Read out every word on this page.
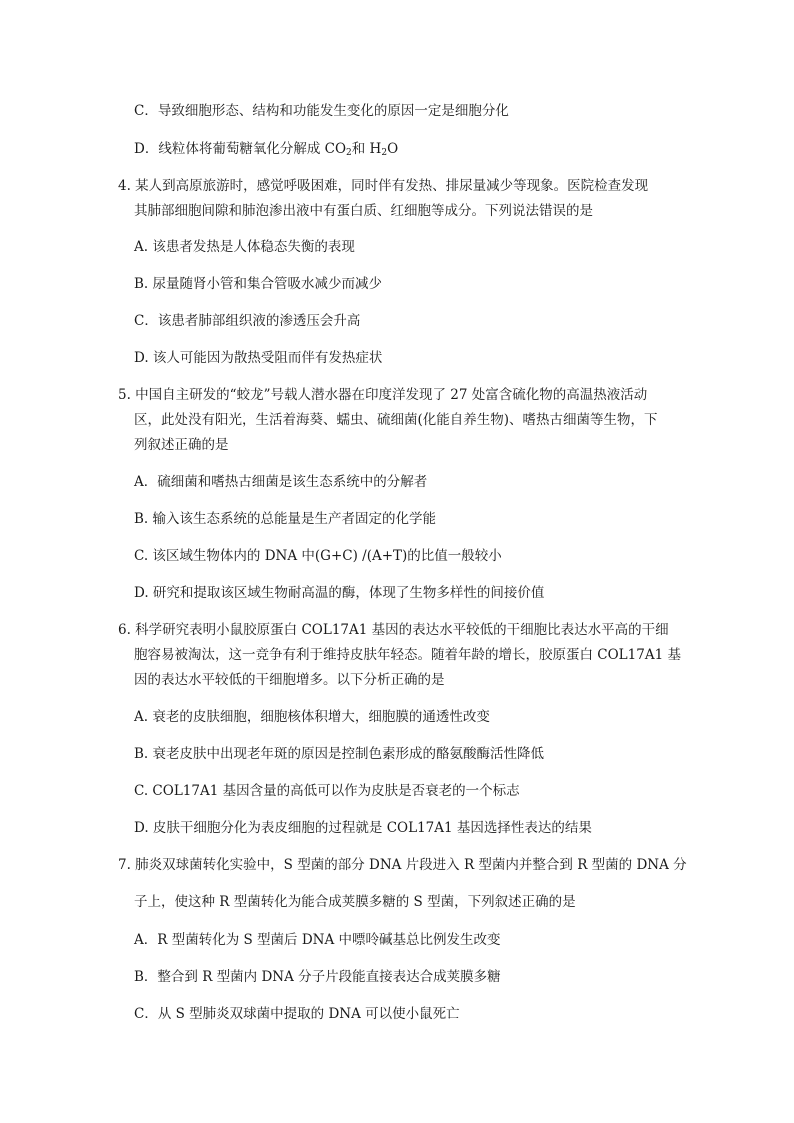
C．导致细胞形态、结构和功能发生变化的原因一定是细胞分化
D．线粒体将葡萄糖氧化分解成 $CO_2$和 $H_2O$
4. 某人到高原旅游时，感觉呼吸困难，同时伴有发热、排尿量减少等现象。医院检查发现
其肺部细胞间隙和肺泡渗出液中有蛋白质、红细胞等成分。下列说法错误的是
A. 该患者发热是人体稳态失衡的表现
B. 尿量随肾小管和集合管吸水减少而减少
C．该患者肺部组织液的渗透压会升高
D. 该人可能因为散热受阻而伴有发热症状
5. 中国自主研发的“蛟龙”号载人潜水器在印度洋发现了 27 处富含硫化物的高温热液活动
区，此处没有阳光，生活着海葵、蠕虫、硫细菌(化能自养生物)、嗜热古细菌等生物，下
列叙述正确的是
A．硫细菌和嗜热古细菌是该生态系统中的分解者
B. 输入该生态系统的总能量是生产者固定的化学能
C. 该区域生物体内的 DNA 中(G+C) /(A+T)的比值一般较小
D. 研究和提取该区域生物耐高温的酶，体现了生物多样性的间接价值
6. 科学研究表明小鼠胶原蛋白 COL17A1 基因的表达水平较低的干细胞比表达水平高的干细
胞容易被淘汰，这一竞争有利于维持皮肤年轻态。随着年龄的增长，胶原蛋白 COL17A1 基
因的表达水平较低的干细胞增多。以下分析正确的是
A. 衰老的皮肤细胞，细胞核体积增大，细胞膜的通透性改变
B. 衰老皮肤中出现老年斑的原因是控制色素形成的酪氨酸酶活性降低
C. COL17A1 基因含量的高低可以作为皮肤是否衰老的一个标志
D. 皮肤干细胞分化为表皮细胞的过程就是 COL17A1 基因选择性表达的结果
7. 肺炎双球菌转化实验中，S 型菌的部分 DNA 片段进入 R 型菌内并整合到 R 型菌的 DNA 分
子上，使这种 R 型菌转化为能合成荚膜多糖的 S 型菌，下列叙述正确的是
A．R 型菌转化为 S 型菌后 DNA 中嘌呤碱基总比例发生改变
B．整合到 R 型菌内 DNA 分子片段能直接表达合成荚膜多糖
C．从 S 型肺炎双球菌中提取的 DNA 可以使小鼠死亡
